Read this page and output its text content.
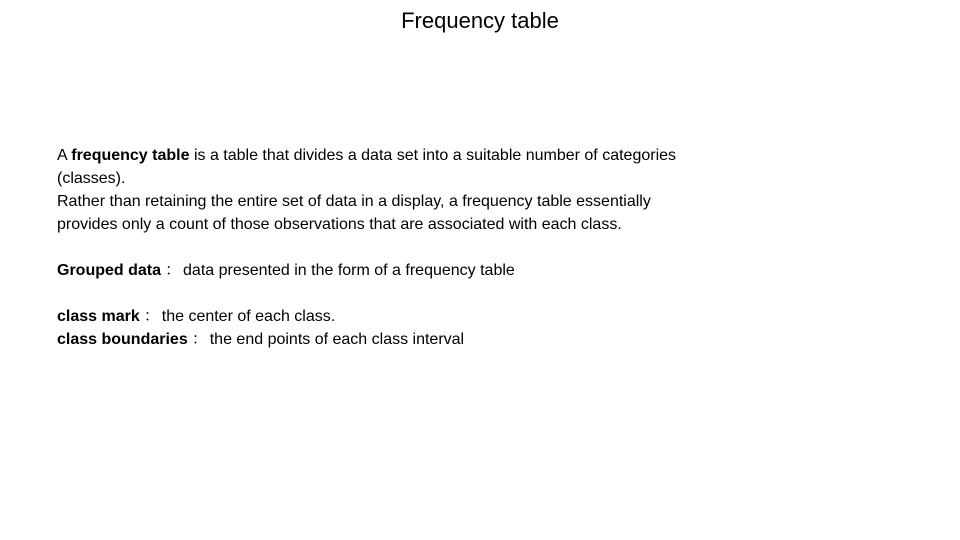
Frequency table

A frequency table is a table that divides a data set into a suitable number of categories

(classes).

Rather than retaining the entire set of data in a display, a frequency table essentially

provides only a count of those observations that are associated with each class.

Grouped data ： data presented in the form of a frequency table

class mark ： the center of each class.

class boundaries ： the end points of each class interval
